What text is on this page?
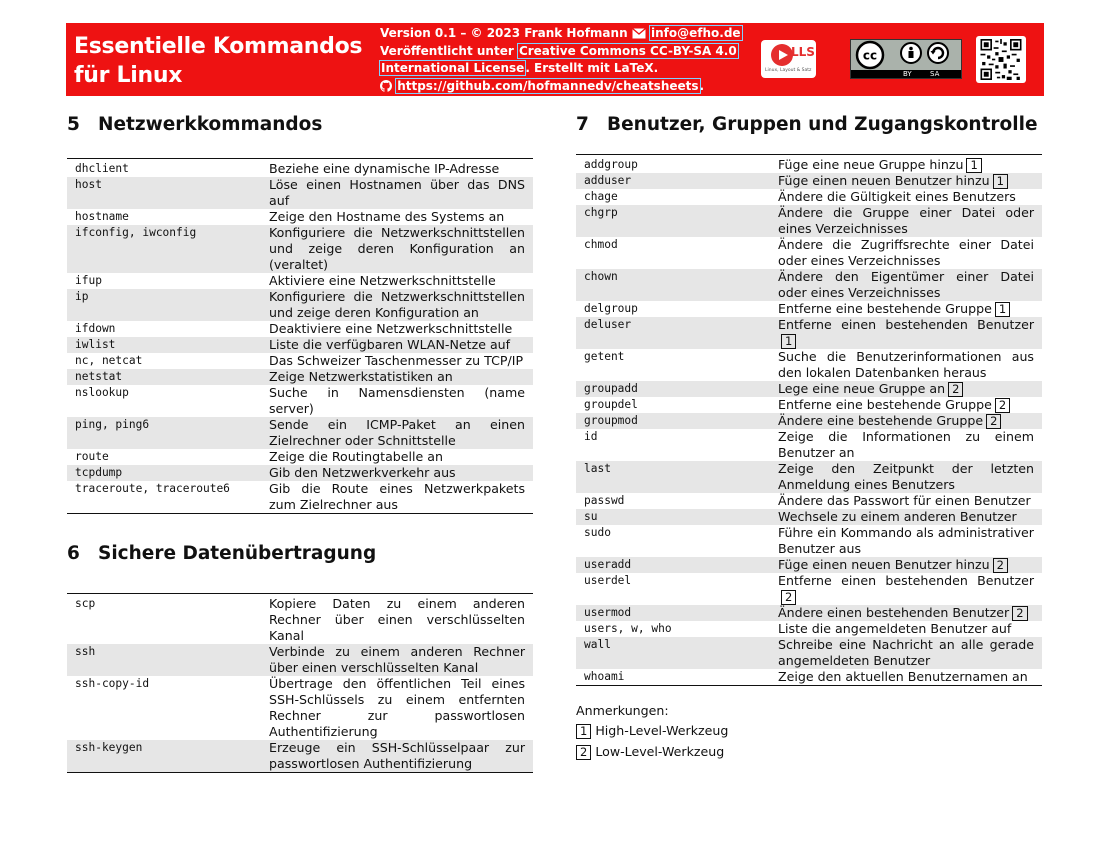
Essentielle Kommandos für Linux
Version 0.1 – © 2023 Frank Hofmann info@efho.de
Veröffentlicht unter Creative Commons CC-BY-SA 4.0
International License. Erstellt mit LaTeX.
https://github.com/hofmannedv/cheatsheets.
LLS
Linux, Layout & Satz
cc
BY	SA
5 Netzwerkkommandos
dhclient	Beziehe eine dynamische IP-Adresse
host	Löse einen Hostnamen über das DNS auf
hostname	Zeige den Hostname des Systems an
ifconfig, iwconfig	Konfiguriere die Netzwerkschnittstellen und zeige deren Konfiguration an (veraltet)
ifup	Aktiviere eine Netzwerkschnittstelle
ip	Konfiguriere die Netzwerkschnittstellen und zeige deren Konfiguration an
ifdown	Deaktiviere eine Netzwerkschnittstelle
iwlist	Liste die verfügbaren WLAN-Netze auf
nc, netcat	Das Schweizer Taschenmesser zu TCP/IP
netstat	Zeige Netzwerkstatistiken an
nslookup	Suche in Namensdiensten (name server)
ping, ping6	Sende ein ICMP-Paket an einen Zielrechner oder Schnittstelle
route	Zeige die Routingtabelle an
tcpdump	Gib den Netzwerkverkehr aus
traceroute, traceroute6	Gib die Route eines Netzwerkpakets zum Zielrechner aus
6 Sichere Datenübertragung
scp	Kopiere Daten zu einem anderen Rechner über einen verschlüsselten Kanal
ssh	Verbinde zu einem anderen Rechner über einen verschlüsselten Kanal
ssh-copy-id	Übertrage den öffentlichen Teil eines SSH-Schlüssels zu einem entfernten Rechner zur passwortlosen Authentifizierung
ssh-keygen	Erzeuge ein SSH-Schlüsselpaar zur passwortlosen Authentifizierung
7 Benutzer, Gruppen und Zugangskontrolle
addgroup	Füge eine neue Gruppe hinzu 1
adduser	Füge einen neuen Benutzer hinzu 1
chage	Ändere die Gültigkeit eines Benutzers
chgrp	Ändere die Gruppe einer Datei oder eines Verzeichnisses
chmod	Ändere die Zugriffsrechte einer Datei oder eines Verzeichnisses
chown	Ändere den Eigentümer einer Datei oder eines Verzeichnisses
delgroup	Entferne eine bestehende Gruppe 1
deluser	Entferne einen bestehenden Benutzer1
getent	Suche die Benutzerinformationen aus den lokalen Datenbanken heraus
groupadd	Lege eine neue Gruppe an 2
groupdel	Entferne eine bestehende Gruppe 2
groupmod	Ändere eine bestehende Gruppe 2
id	Zeige die Informationen zu einem Benutzer an
last	Zeige den Zeitpunkt der letzten Anmeldung eines Benutzers
passwd	Ändere das Passwort für einen Benutzer
su	Wechsele zu einem anderen Benutzer
sudo	Führe ein Kommando als administrativer Benutzer aus
useradd	Füge einen neuen Benutzer hinzu 2
userdel	Entferne einen bestehenden Benutzer2
usermod	Ändere einen bestehenden Benutzer 2
users, w, who	Liste die angemeldeten Benutzer auf
wall	Schreibe eine Nachricht an alle gerade angemeldeten Benutzer
whoami	Zeige den aktuellen Benutzernamen an
Anmerkungen:
1 High-Level-Werkzeug
2 Low-Level-Werkzeug
